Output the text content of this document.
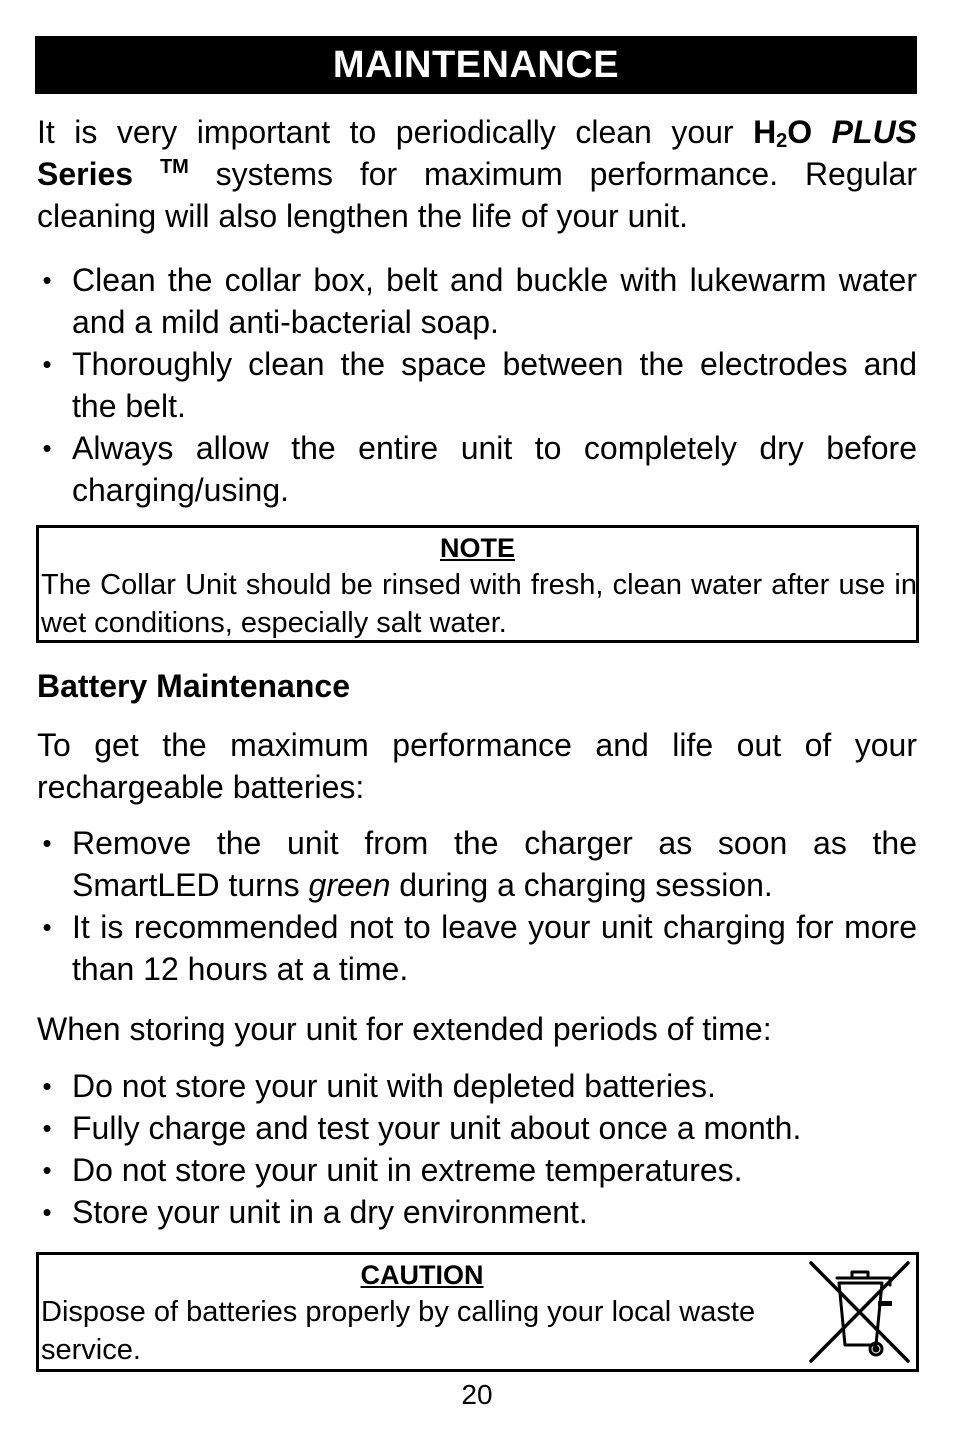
MAINTENANCE
It is very important to periodically clean your $H_2O$ PLUS Series ™ systems for maximum performance. Regular cleaning will also lengthen the life of your unit.
• Clean the collar box, belt and buckle with lukewarm water and a mild anti-bacterial soap.
• Thoroughly clean the space between the electrodes and the belt.
• Always allow the entire unit to completely dry before charging/using.
NOTE
The Collar Unit should be rinsed with fresh, clean water after use in wet conditions, especially salt water.
Battery Maintenance
To get the maximum performance and life out of your rechargeable batteries:
• Remove the unit from the charger as soon as the SmartLED turns green during a charging session.
• It is recommended not to leave your unit charging for more than 12 hours at a time.
When storing your unit for extended periods of time:
• Do not store your unit with depleted batteries.
• Fully charge and test your unit about once a month.
• Do not store your unit in extreme temperatures.
• Store your unit in a dry environment.
CAUTION
Dispose of batteries properly by calling your local waste service.
20
